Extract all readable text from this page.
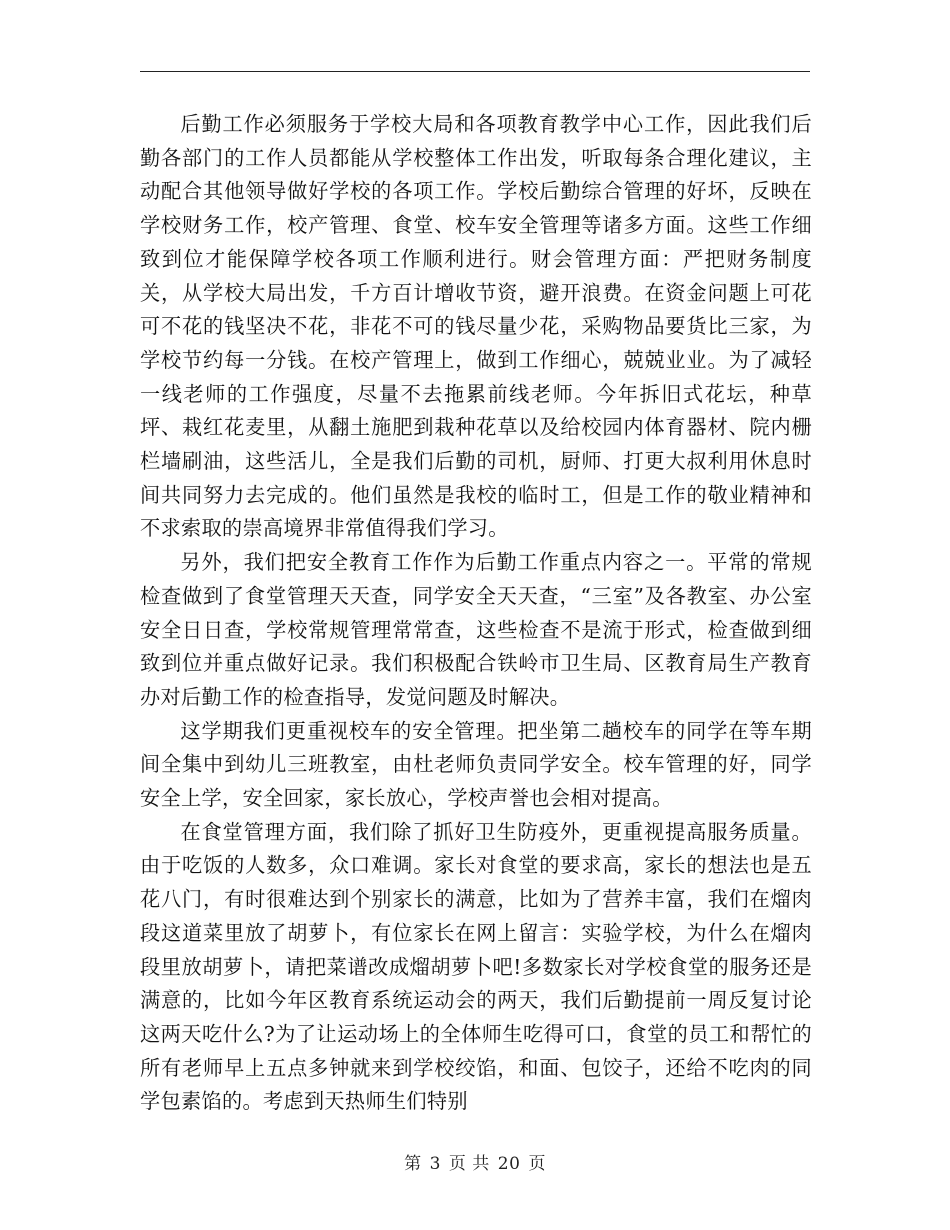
后勤工作必须服务于学校大局和各项教育教学中心工作，因此我们后勤各部门的工作人员都能从学校整体工作出发，听取每条合理化建议，主动配合其他领导做好学校的各项工作。学校后勤综合管理的好坏，反映在学校财务工作，校产管理、食堂、校车安全管理等诸多方面。这些工作细致到位才能保障学校各项工作顺利进行。财会管理方面：严把财务制度关，从学校大局出发，千方百计增收节资，避开浪费。在资金问题上可花可不花的钱坚决不花，非花不可的钱尽量少花，采购物品要货比三家，为学校节约每一分钱。在校产管理上，做到工作细心，兢兢业业。为了减轻一线老师的工作强度，尽量不去拖累前线老师。今年拆旧式花坛，种草坪、栽红花麦里，从翻土施肥到栽种花草以及给校园内体育器材、院内栅栏墙刷油，这些活儿，全是我们后勤的司机，厨师、打更大叔利用休息时间共同努力去完成的。他们虽然是我校的临时工，但是工作的敬业精神和不求索取的崇高境界非常值得我们学习。

另外，我们把安全教育工作作为后勤工作重点内容之一。平常的常规检查做到了食堂管理天天查，同学安全天天查，“三室”及各教室、办公室安全日日查，学校常规管理常常查，这些检查不是流于形式，检查做到细致到位并重点做好记录。我们积极配合铁岭市卫生局、区教育局生产教育办对后勤工作的检查指导，发觉问题及时解决。

这学期我们更重视校车的安全管理。把坐第二趟校车的同学在等车期间全集中到幼儿三班教室，由杜老师负责同学安全。校车管理的好，同学安全上学，安全回家，家长放心，学校声誉也会相对提高。

在食堂管理方面，我们除了抓好卫生防疫外，更重视提高服务质量。由于吃饭的人数多，众口难调。家长对食堂的要求高，家长的想法也是五花八门，有时很难达到个别家长的满意，比如为了营养丰富，我们在熘肉段这道菜里放了胡萝卜，有位家长在网上留言：实验学校，为什么在熘肉段里放胡萝卜，请把菜谱改成熘胡萝卜吧!多数家长对学校食堂的服务还是满意的，比如今年区教育系统运动会的两天，我们后勤提前一周反复讨论这两天吃什么?为了让运动场上的全体师生吃得可口，食堂的员工和帮忙的所有老师早上五点多钟就来到学校绞馅，和面、包饺子，还给不吃肉的同学包素馅的。考虑到天热师生们特别

第 3 页 共 20 页
